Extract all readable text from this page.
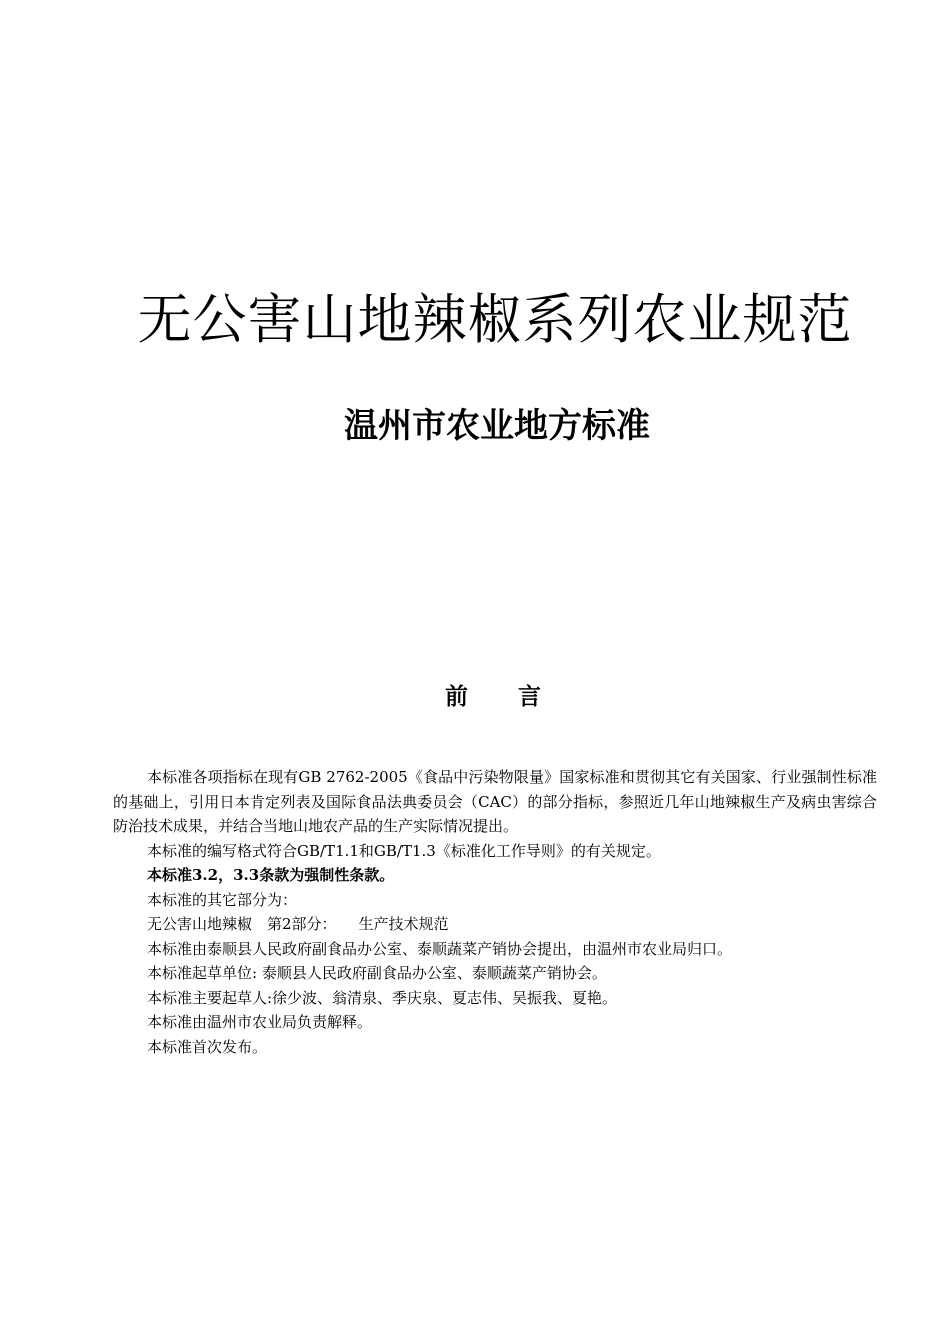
无公害山地辣椒系列农业规范
温州市农业地方标准
前 言

本标准各项指标在现有GB 2762-2005《食品中污染物限量》国家标准和贯彻其它有关国家、行业强制性标准的基础上，引用日本肯定列表及国际食品法典委员会（CAC）的部分指标，参照近几年山地辣椒生产及病虫害综合防治技术成果，并结合当地山地农产品的生产实际情况提出。

本标准的编写格式符合GB/T1.1和GB/T1.3《标准化工作导则》的有关规定。

本标准3.2，3.3条款为强制性条款。

本标准的其它部分为：

无公害山地辣椒　第2部分： 生产技术规范

本标准由泰顺县人民政府副食品办公室、泰顺蔬菜产销协会提出，由温州市农业局归口。

本标准起草单位: 泰顺县人民政府副食品办公室、泰顺蔬菜产销协会。

本标准主要起草人:徐少波、翁清泉、季庆泉、夏志伟、吴振我、夏艳。

本标准由温州市农业局负责解释。

本标准首次发布。
